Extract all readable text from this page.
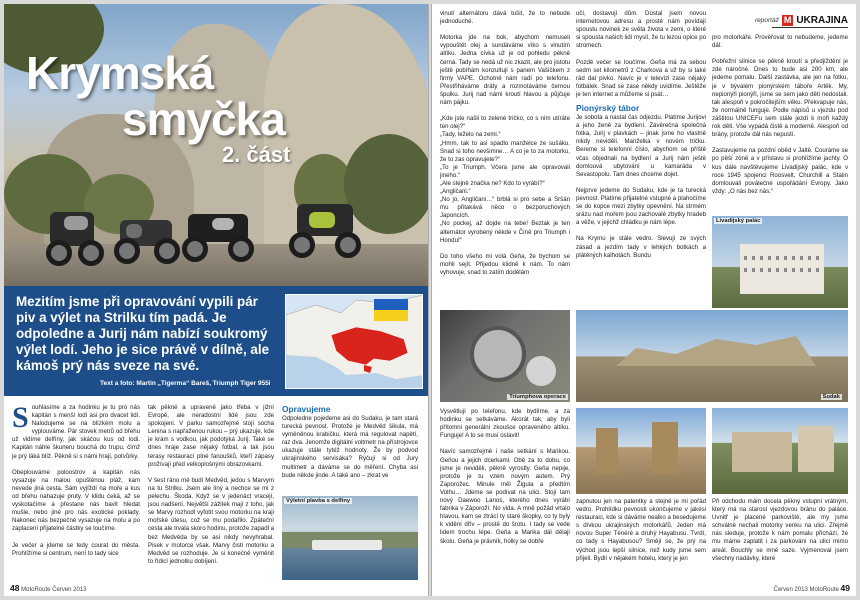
Krymská
smyčka
2. část
Mezitím jsme při opravování vypili pár piv a výlet na Strilku tím padá. Je odpoledne a Jurij nám nabízí soukromý výlet lodí. Jeho je sice právě v dílně, ale kámoš prý nás sveze na své.
Text a foto: Martin „Tigerma“ Bareš, Triumph Tiger 955i
S ouhlasíme a za hodinku je tu pro nás kapitán s menší lodí asi pro dvacet lidí. Nalodujeme se na blízkém molu a vyplouváme. Pár stovek metrů od břehu už vidíme delfíny, jak skáčou kus od lodi. Kapitán náhle škuneru bouchá do trupu, čímž je prý láká blíž. Pěkně si s námi hrají, potvůrky.

Obeplouváme poloostrov a kapitán nás vysazuje na malou opuštěnou pláž, kam nevede jiná cesta. Sám vyjíždí na moře a kus od břehu nahazuje pruty. V klidu čeká, až se vyskotačíme a přestane nás bavit hledat mušle, nebo jiné pro nás exotické poklady. Nakonec nás bezpečně vysazuje na molu a po zaplacení přijatelné částky se loučíme.

Je večer a jdeme se tedy courat do města. Prohlížíme si centrum, není to tady sice
tak pěkné a upravené jako třeba v jižní Evropě, ale neradostní lidé jsou zde spokojeni. V parku samozřejmě stojí socha Lenina s napřaženou rukou – prý ukazuje, kde je krám s vodkou, jak podotýká Jurij. Také se dnes hraje zase nějaký fotbal, a tak jsou terasy restaurací plné fanoušků, kteří zápasy prožívají před velkoplošnými obrazovkami.

V šest ráno mě budí Medvěd, jedou s Marvym na tu Strilku. Jsem ale líný a nechce se mi z pelechu. Škoda. Když se v jedenáct vracejí, jsou nadšení. Největší zážitek mají z toho, jak se Marvy rozhodl vyfotit svou motorku na kraji mořské útesu, což se mu podařilo. Zpáteční cesta ale trvala skoro hodinu, protože zapadl a bez Medvěda by se asi nikdy nevyhrabal. Pisek v motorce však. Marvy čistí motorku a Medvěd se rozhoduje. Je si konečně vyměnit to řídicí jednotku dobíjení.
Opravujeme
Odpoledne pojedeme asi do Sudaku, je tam stará turecká pevnost. Protože je Medvěd šikula, má vyměněnou krabičku, která má regulovat napětí, raz dva. Jenomže digitální voltmetr na přístrojovce ukazuje stále tytéž hodnoty. Že by podvod ukrajinského servisáka? Rýčují si od Jury multimetr a dáváme se do měření. Chyba asi bude někde jinde. A také ano – zkrat ve
Výletní plavba s delfíny
48 MotoRoute Červen 2013
reportáž M UKRAJINA
vinutí alternátoru dává tušit, že to nebude jednoduché.

Motorka jde na bok, abychom nemuseli vypouštět olej a sundáváme víko s vinutím altíku. Jedna cívka už je od pohledu pěkně černá. Tady se nedá už nic zkazit, ale pro jistotu ještě pobíhám konzultují s panem Vašíčkem z firmy VAPE. Ochotně nám radí po telefonu. Přestřiháváme dráty a rozmotáváme černou špulku. Jurij nad námi kroutí hlavou a půjčuje nám pájku.

„Kde jste našli to zelené tričko, co s ním utíráte ten olej?“
„Tady, leželo na zemi.“
„Hmm, tak to asi spadlo manželce ze sušáku. Snad si toho nevšimne… A co je to za motorku, že to zas opravujete?“
„To je Triumph. Včera jsme ale opravovali jiného.“
„Ale stejně značka ne? Kdo to vyrábí?“
„Angličani.“
„No jo, Angličani…“ brblá si pro sebe a Sršán mu přitakává něco o bezporuchových Japoncích.
„No pockej, až dojde na tebe! Beztak je ten alternátor vyrobený někde v Číně pro Triumph i Hondu!“

Do toho všeho mi volá Geňa, že bychom se mohli sejít. Přijedou klidně k nám. To nám vyhovuje, snad to zatím dodělám
učí, dostavují dům. Dostal jsem novou internetovou adresu a prostě nám povídají spoustu novinek ze světa života v zemi, o které si spousta našich lidí myslí, že tu lezou opice po stromech.

Pozdě večer se loučíme. Geňa má za sebou sedm set kilometrů z Charkova a už by si také rád dal pivko. Navíc je v televizi zase nějaký fotbálek. Snad se zase někdy uvidíme. Ještěže je ten internet a můžeme si psát…
Pionýrský tábor
Je sobota a nastal čas odjezdu. Platíme Jurijovi a jeho ženě za bydlení. Závěrečná společná fotka, Jurij v plavkách – jinak jsme ho vlastně nikdy neviděli. Manželka v novém tričku. Bereme si telefonní číslo, abychom se příště včas objednali na bydlení a Jurij nám ještě domlouvá ubytování u kamaráda v Sevastopolu. Tam dnes chceme dojet.

Nejprve jedeme do Sudaku, kde je ta turecká pevnost. Platíme přijatelné vstupné a plahočíme se do kopce mezi zbytky opevnění. Na strmém srázu nad mořem jsou zachovalé zbytky hradeb a věže, v jejichž chládku je nám lépe.

Na Krymu je stále vedro. Slevují ze svých zásad a jezdím tady v lehkých botkách a plátěných kalhotách. Bundu
pro motorkáře. Prověřovat to nebudeme, jedeme dál.

Pobřežní silnice se pěkně kroutí a předjíždění je zde náročné. Dnes to bude asi 200 km, ale jedeme pomalu. Další zastávka, ale jen na fotku, je v bývalém pionýrském táboře Artěk. My, nepionýři pionýři, jsme se sem jako děti nedostali. tak alespoň v pokročilejším věku. Překvapuje nás, že normálně funguje. Podle nápisů u vjezdu pod záštitou UNICEFu sem stále jezdí k moři každý rok děti. Vše vypadá čistě a moderně. Alespoň od brány, protože dál nás nepustí.

Zastavujeme na pozdní oběd v Jaltě. Couráme se po pěší zóně a v přístavu si prohlížíme jachty. O kus dále navštěvujeme Livadijský palác, kde v roce 1945 spojenci Roosvelt, Churchill a Stalin domlouvali poválečné uspořádání Evropy. Jako vždy: „O nás bez nás.“
Livadijský palác
Triumphova operace	Sudak
Vysvětlují po telefonu, kde bydlíme, a za hodinku se setkáváme. Akorát tak, aby byli přítomni generální zkoušce opraveného altíku. Funguje! A to se musí oslavit!

Navíc samozřejmě i naše setkání s Marikou. Geňou a jejich dcerkami. Obě za to dobu, co jsme je neviděli, pěkně vyrostly. Geňa nepije, protože je tu vzém novým autem. Prý Zaporožec. Minule měl Žigula a předtím Volhu… Jdeme se podívat na ulici. Stojí tam nový Daewoo Lanos, kterého dnes vyrábí fabrika v Záporoží. No vida. A mně požád vrtalo hlavou, kam se ztrácí ty staré škopky, co ty byly k vidění dřív – prostě do šrotu. I tady se vede lidem trochu lépe. Geňa a Marika dál dělají školu. Geňa je právník, holky se dobře
zapnutou jen na patentky a stejně je mi pořád vedro. Prohlídku pevnosti ukončujeme v jakési restauraci, kde si dáváme nealko a besedujeme s dívkou ukrajinských motorkářů. Jeden má novou Super Ténéré a druhý Hayabusu. Tvrdí, co tady s Hayabusou? Smějí se, že prý na východ jsou lepší silnice, než kudy jsme sem přijeli. Bydlí v nějakém hotelu, který je jen
Při odchodu mám docela pěkný vstupní vrátným, který má na starost vjezdovou bránu do paláce. Uvnitř je placené parkoviště, ale my jsme schválně nechali motorky venku na ulici. Zřejmě nás sleduje, protože k nám pomalu přichází, že mu máme zaplatit i za parkování na ulici mimo areál. Bouchly se mně saze. Vyjmenoval jsem všechny nadávky, které
Červen 2013 MotoRoute 49
